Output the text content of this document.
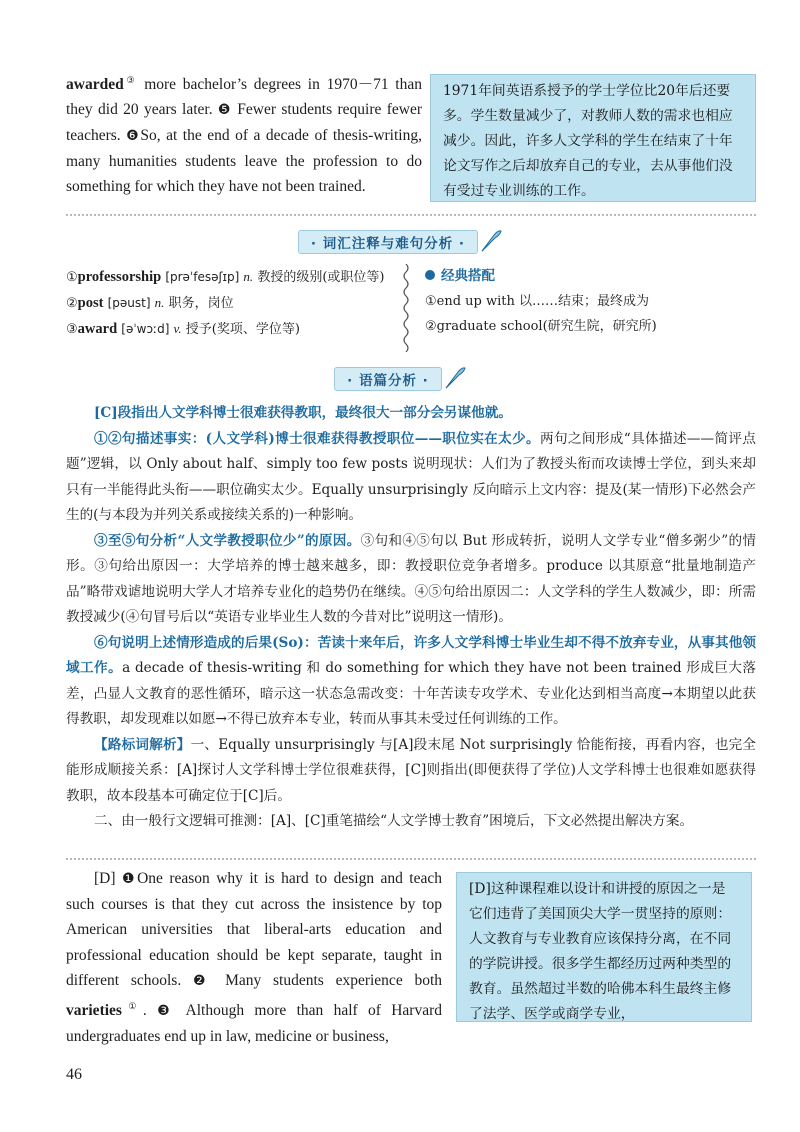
awarded③ more bachelor’s degrees in 1970－71 than they did 20 years later. ❺ Fewer students require fewer teachers. ❻So, at the end of a decade of thesis-writing, many humanities students leave the profession to do something for which they have not been trained.
1971年间英语系授予的学士学位比20年后还要多。学生数量减少了，对教师人数的需求也相应减少。因此，许多人文学科的学生在结束了十年论文写作之后却放弃自己的专业，去从事他们没有受过专业训练的工作。
· 词汇注释与难句分析 ·
①professorship [prəˈfesəʃɪp] n. 教授的级别(或职位等)
②post [pəust] n. 职务，岗位
③award [əˈwɔːd] v. 授予(奖项、学位等)
经典搭配
①end up with 以……结束；最终成为
②graduate school(研究生院，研究所)
· 语篇分析 ·

[C]段指出人文学科博士很难获得教职，最终很大一部分会另谋他就。

①②句描述事实：(人文学科)博士很难获得教授职位——职位实在太少。两句之间形成“具体描述——简评点题”逻辑，以 Only about half、simply too few posts 说明现状：人们为了教授头衔而攻读博士学位，到头来却只有一半能得此头衔——职位确实太少。Equally unsurprisingly 反向暗示上文内容：提及(某一情形)下必然会产生的(与本段为并列关系或接续关系的)一种影响。

③至⑤句分析“人文学教授职位少”的原因。③句和④⑤句以 But 形成转折，说明人文学专业“僧多粥少”的情形。③句给出原因一：大学培养的博士越来越多，即：教授职位竞争者增多。produce 以其原意“批量地制造产品”略带戏谑地说明大学人才培养专业化的趋势仍在继续。④⑤句给出原因二：人文学科的学生人数减少，即：所需教授减少(④句冒号后以“英语专业毕业生人数的今昔对比”说明这一情形)。

⑥句说明上述情形造成的后果(So)：苦读十来年后，许多人文学科博士毕业生却不得不放弃专业，从事其他领域工作。a decade of thesis-writing 和 do something for which they have not been trained 形成巨大落差，凸显人文教育的恶性循环，暗示这一状态急需改变：十年苦读专攻学术、专业化达到相当高度→本期望以此获得教职，却发现难以如愿→不得已放弃本专业，转而从事其未受过任何训练的工作。

【路标词解析】一、Equally unsurprisingly 与[A]段末尾 Not surprisingly 恰能衔接，再看内容，也完全能形成顺接关系：[A]探讨人文学科博士学位很难获得，[C]则指出(即便获得了学位)人文学科博士也很难如愿获得教职，故本段基本可确定位于[C]后。

二、由一般行文逻辑可推测：[A]、[C]重笔描绘“人文学博士教育”困境后，下文必然提出解决方案。

[D] ❶One reason why it is hard to design and teach such courses is that they cut across the insistence by top American universities that liberal-arts education and professional education should be kept separate, taught in different schools. ❷ Many students experience both varieties①. ❸ Although more than half of Harvard undergraduates end up in law, medicine or business,

[D]这种课程难以设计和讲授的原因之一是它们违背了美国顶尖大学一贯坚持的原则：人文教育与专业教育应该保持分离，在不同的学院讲授。很多学生都经历过两种类型的教育。虽然超过半数的哈佛本科生最终主修了法学、医学或商学专业，
46
